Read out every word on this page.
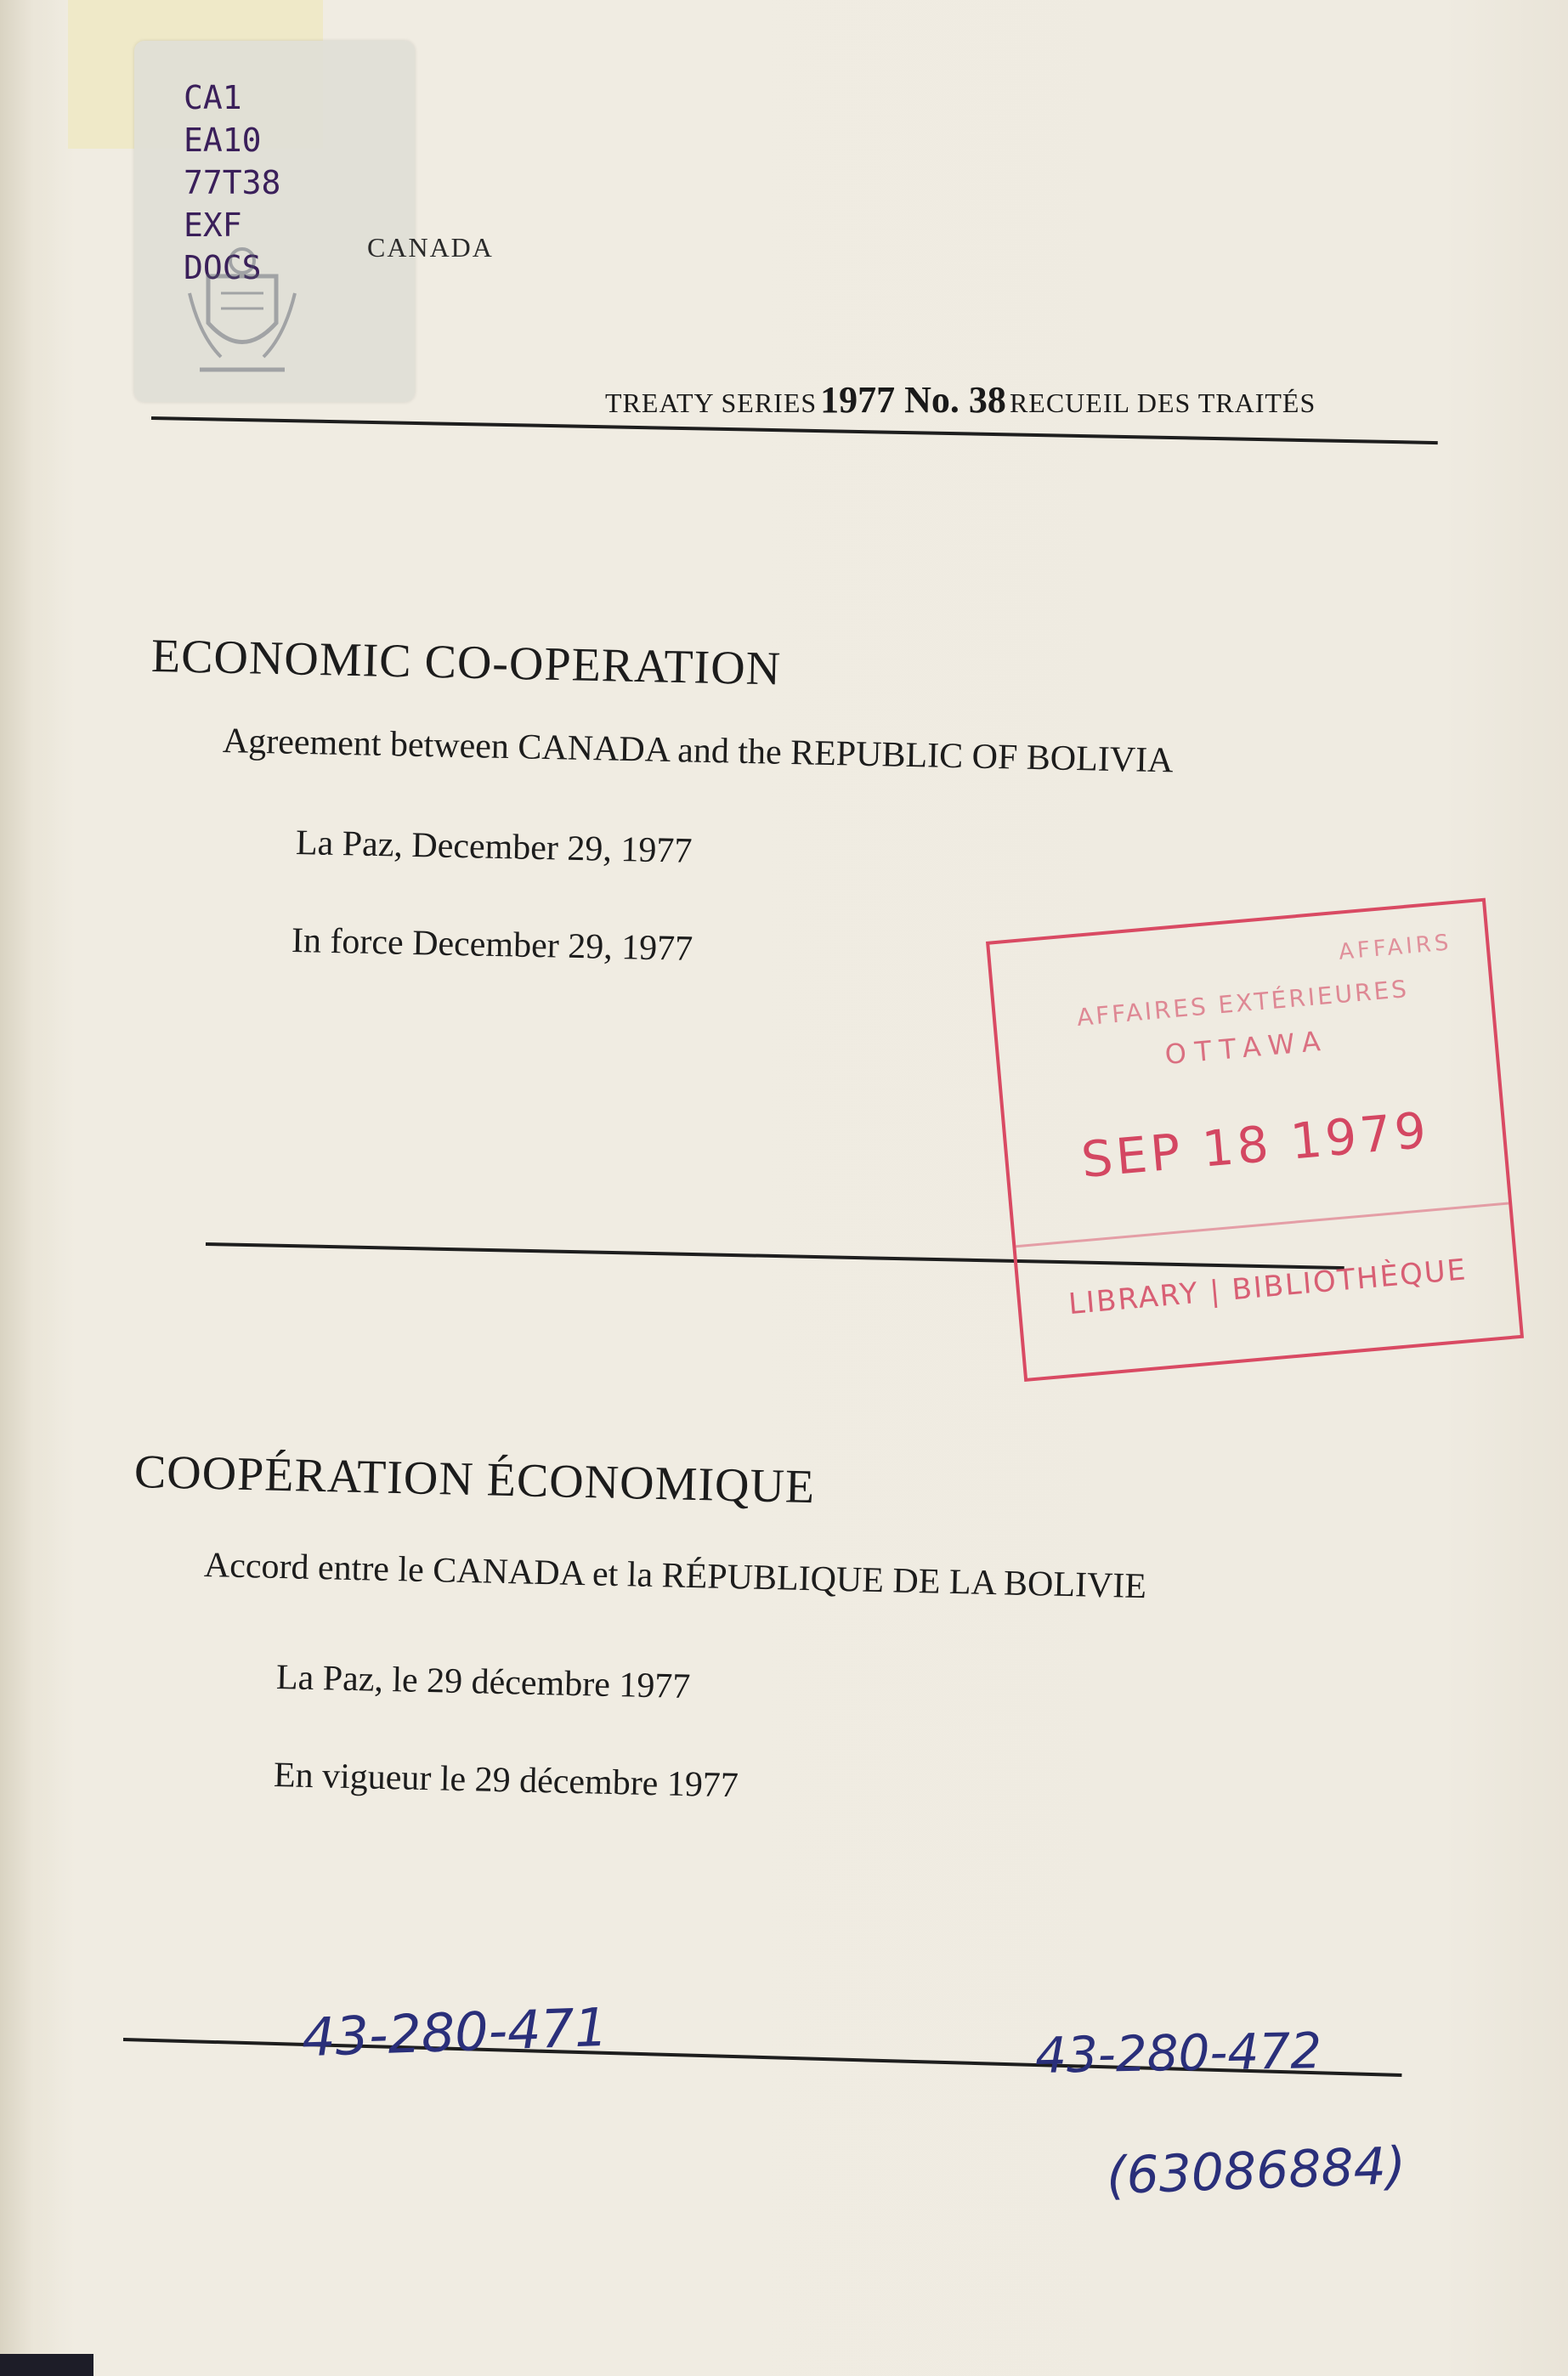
CA1
EA10
77T38
EXF
DOCS
CANADA
TREATY SERIES 1977 No. 38 RECUEIL DES TRAITÉS
ECONOMIC CO-OPERATION
Agreement between CANADA and the REPUBLIC OF BOLIVIA
La Paz, December 29, 1977
In force December 29, 1977
COOPÉRATION ÉCONOMIQUE
Accord entre le CANADA et la RÉPUBLIQUE DE LA BOLIVIE
La Paz, le 29 décembre 1977
En vigueur le 29 décembre 1977
AFFAIRS
AFFAIRES EXTÉRIEURES
OTTAWA
SEP 18 1979
LIBRARY | BIBLIOTHÈQUE
43-280-471	43-280-472
(63086884)
